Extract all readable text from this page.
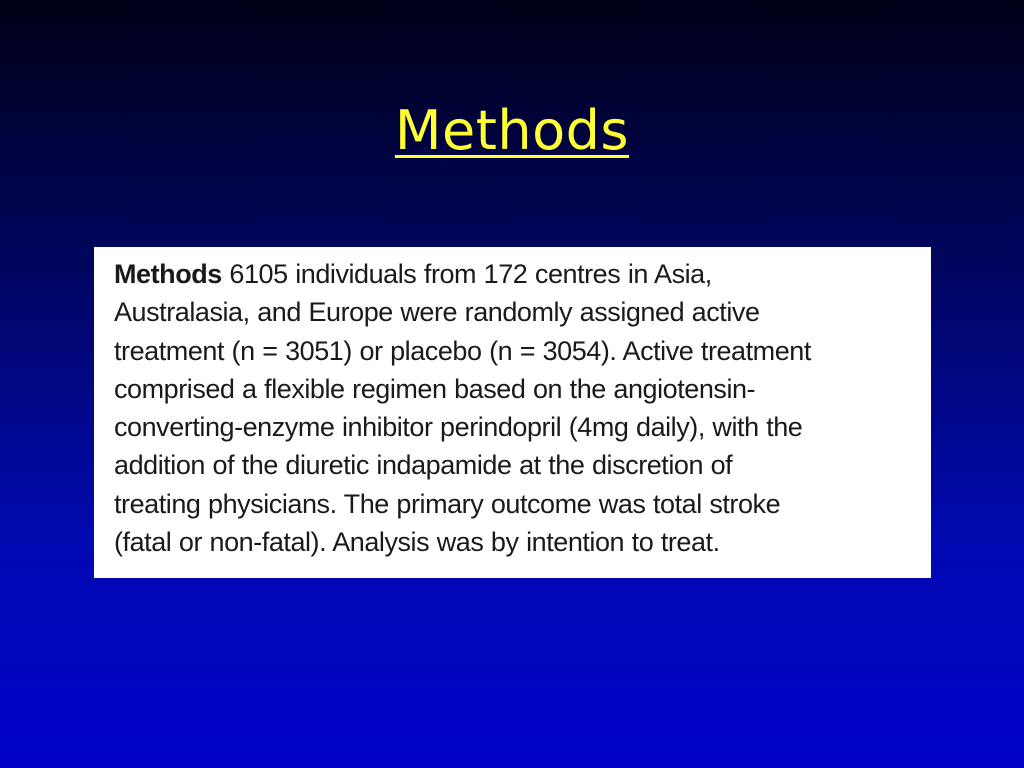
Methods

Methods 6105 individuals from 172 centres in Asia,
Australasia, and Europe were randomly assigned active
treatment (n = 3051) or placebo (n = 3054). Active treatment
comprised a flexible regimen based on the angiotensin-
converting-enzyme inhibitor perindopril (4mg daily), with the
addition of the diuretic indapamide at the discretion of
treating physicians. The primary outcome was total stroke
(fatal or non-fatal). Analysis was by intention to treat.
